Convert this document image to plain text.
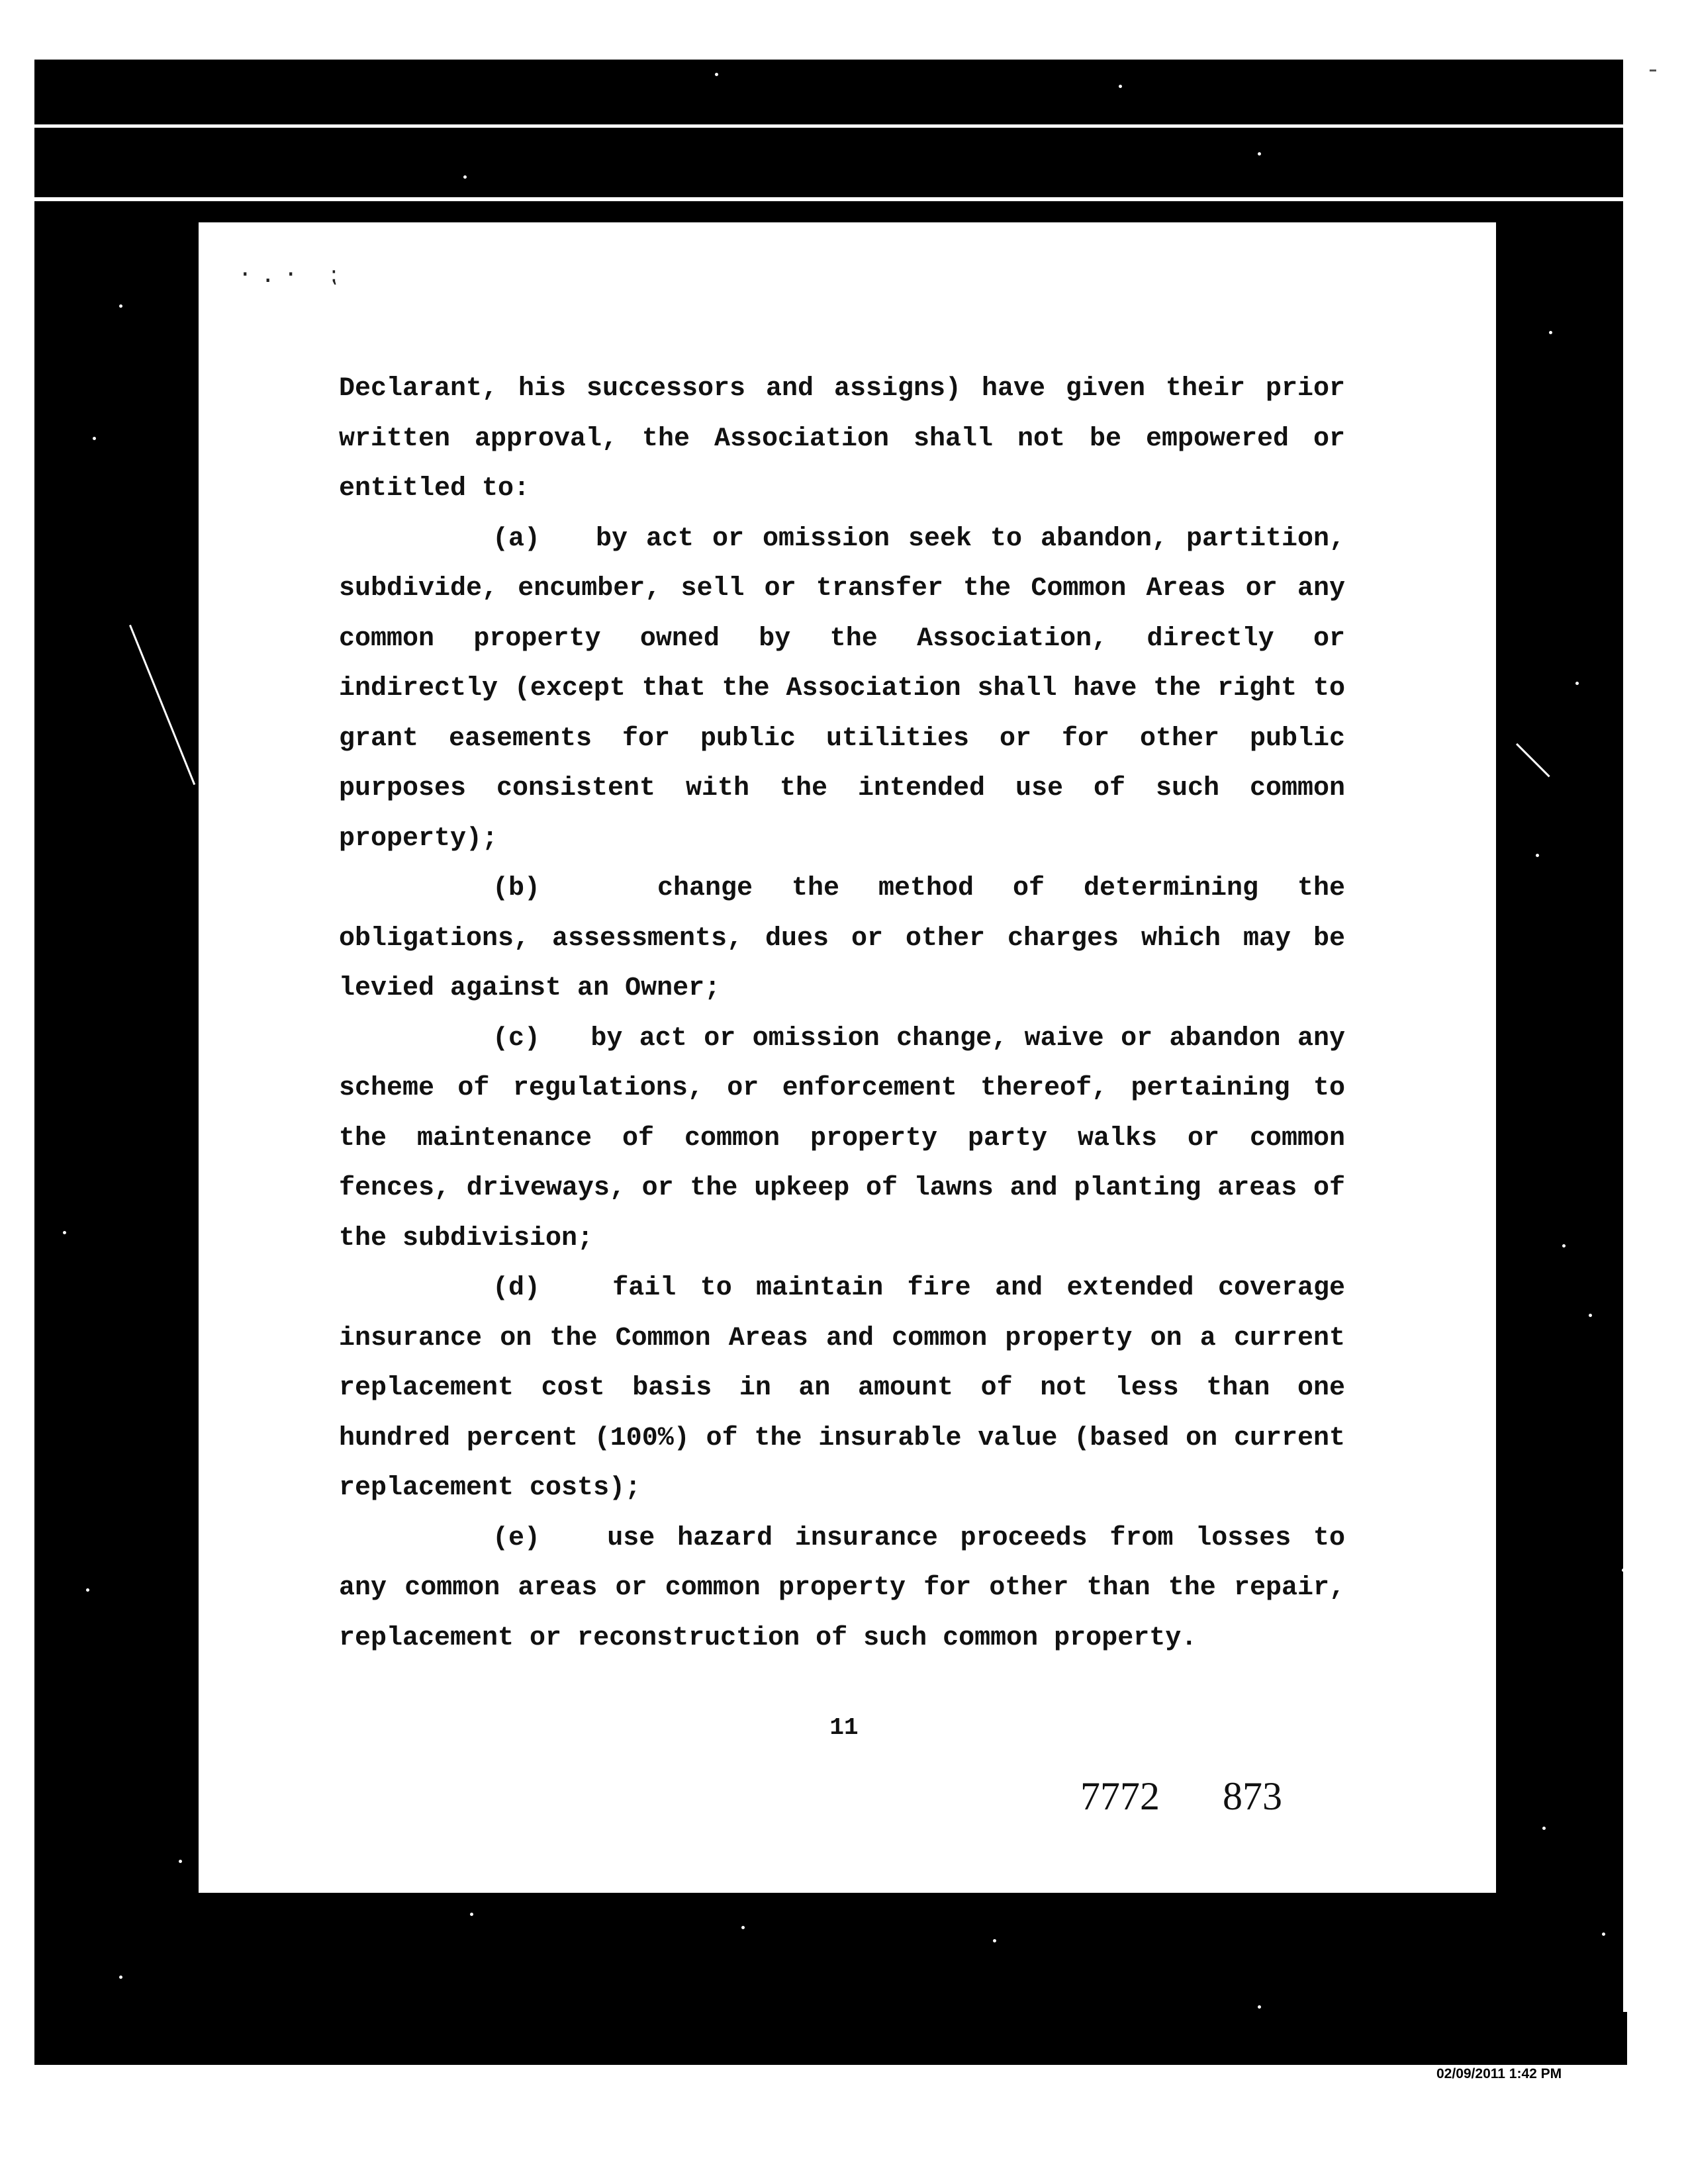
·.· ⁏

Declarant, his successors and assigns) have given their prior written approval, the Association shall not be empowered or entitled to:

(a) by act or omission seek to abandon, partition, subdivide, encumber, sell or transfer the Common Areas or any common property owned by the Association, directly or indirectly (except that the Association shall have the right to grant easements for public utilities or for other public purposes consistent with the intended use of such common property);

(b)	change the method of determining the obligations, assessments, dues or other charges which may be levied against an Owner;

(c) by act or omission change, waive or abandon any scheme of regulations, or enforcement thereof, pertaining to the maintenance of common property party walks or common fences, driveways, or the upkeep of lawns and planting areas of the subdivision;

(d)	fail to maintain fire and extended coverage insurance on the Common Areas and common property on a current replacement cost basis in an amount of not less than one hundred percent (100%) of the insurable value (based on current replacement costs);

(e)	use hazard insurance proceeds from losses to any common areas or common property for other than the repair, replacement or reconstruction of such common property.

11
7772 873
Page 13 of 30
02/09/2011 1:42 PM
